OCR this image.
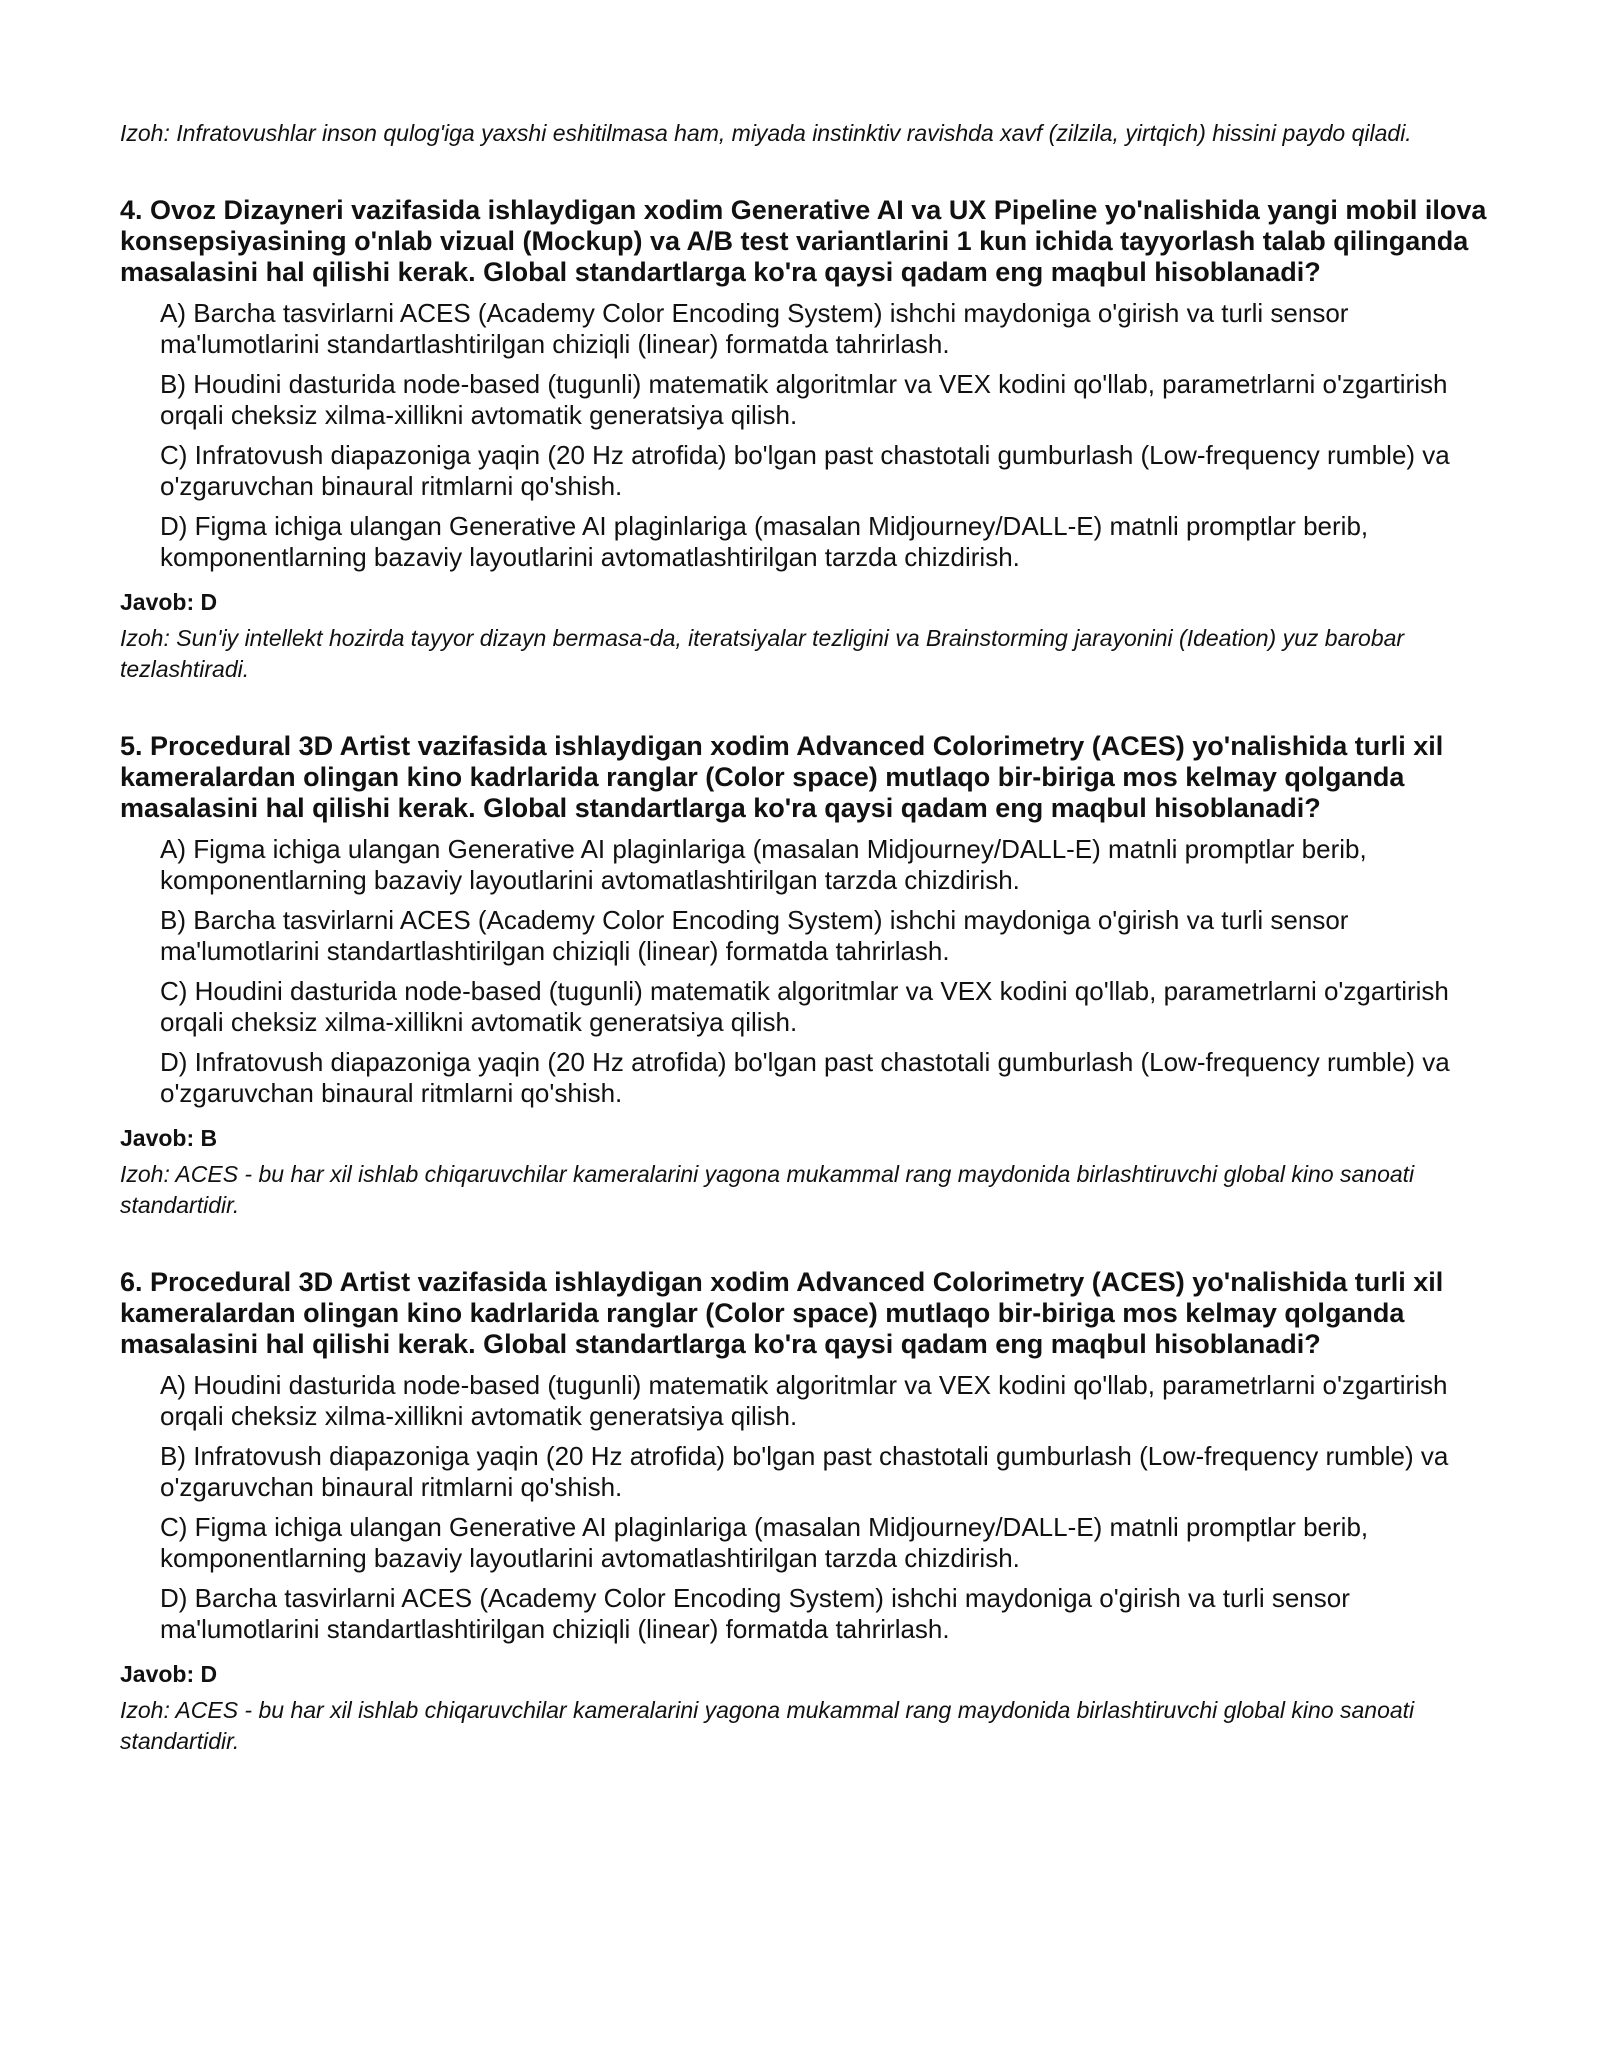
Izoh: Infratovushlar inson qulog'iga yaxshi eshitilmasa ham, miyada instinktiv ravishda xavf (zilzila, yirtqich) hissini paydo qiladi.

4. Ovoz Dizayneri vazifasida ishlaydigan xodim Generative AI va UX Pipeline yo'nalishida yangi mobil ilova konsepsiyasining o'nlab vizual (Mockup) va A/B test variantlarini 1 kun ichida tayyorlash talab qilinganda masalasini hal qilishi kerak. Global standartlarga ko'ra qaysi qadam eng maqbul hisoblanadi?

A) Barcha tasvirlarni ACES (Academy Color Encoding System) ishchi maydoniga o'girish va turli sensor ma'lumotlarini standartlashtirilgan chiziqli (linear) formatda tahrirlash.
B) Houdini dasturida node-based (tugunli) matematik algoritmlar va VEX kodini qo'llab, parametrlarni o'zgartirish orqali cheksiz xilma-xillikni avtomatik generatsiya qilish.
C) Infratovush diapazoniga yaqin (20 Hz atrofida) bo'lgan past chastotali gumburlash (Low-frequency rumble) va o'zgaruvchan binaural ritmlarni qo'shish.
D) Figma ichiga ulangan Generative AI plaginlariga (masalan Midjourney/DALL-E) matnli promptlar berib, komponentlarning bazaviy layoutlarini avtomatlashtirilgan tarzda chizdirish.

Javob: D

Izoh: Sun'iy intellekt hozirda tayyor dizayn bermasa-da, iteratsiyalar tezligini va Brainstorming jarayonini (Ideation) yuz barobar tezlashtiradi.

5. Procedural 3D Artist vazifasida ishlaydigan xodim Advanced Colorimetry (ACES) yo'nalishida turli xil kameralardan olingan kino kadrlarida ranglar (Color space) mutlaqo bir-biriga mos kelmay qolganda masalasini hal qilishi kerak. Global standartlarga ko'ra qaysi qadam eng maqbul hisoblanadi?

A) Figma ichiga ulangan Generative AI plaginlariga (masalan Midjourney/DALL-E) matnli promptlar berib, komponentlarning bazaviy layoutlarini avtomatlashtirilgan tarzda chizdirish.
B) Barcha tasvirlarni ACES (Academy Color Encoding System) ishchi maydoniga o'girish va turli sensor ma'lumotlarini standartlashtirilgan chiziqli (linear) formatda tahrirlash.
C) Houdini dasturida node-based (tugunli) matematik algoritmlar va VEX kodini qo'llab, parametrlarni o'zgartirish orqali cheksiz xilma-xillikni avtomatik generatsiya qilish.
D) Infratovush diapazoniga yaqin (20 Hz atrofida) bo'lgan past chastotali gumburlash (Low-frequency rumble) va o'zgaruvchan binaural ritmlarni qo'shish.

Javob: B

Izoh: ACES - bu har xil ishlab chiqaruvchilar kameralarini yagona mukammal rang maydonida birlashtiruvchi global kino sanoati standartidir.

6. Procedural 3D Artist vazifasida ishlaydigan xodim Advanced Colorimetry (ACES) yo'nalishida turli xil kameralardan olingan kino kadrlarida ranglar (Color space) mutlaqo bir-biriga mos kelmay qolganda masalasini hal qilishi kerak. Global standartlarga ko'ra qaysi qadam eng maqbul hisoblanadi?

A) Houdini dasturida node-based (tugunli) matematik algoritmlar va VEX kodini qo'llab, parametrlarni o'zgartirish orqali cheksiz xilma-xillikni avtomatik generatsiya qilish.
B) Infratovush diapazoniga yaqin (20 Hz atrofida) bo'lgan past chastotali gumburlash (Low-frequency rumble) va o'zgaruvchan binaural ritmlarni qo'shish.
C) Figma ichiga ulangan Generative AI plaginlariga (masalan Midjourney/DALL-E) matnli promptlar berib, komponentlarning bazaviy layoutlarini avtomatlashtirilgan tarzda chizdirish.
D) Barcha tasvirlarni ACES (Academy Color Encoding System) ishchi maydoniga o'girish va turli sensor ma'lumotlarini standartlashtirilgan chiziqli (linear) formatda tahrirlash.

Javob: D

Izoh: ACES - bu har xil ishlab chiqaruvchilar kameralarini yagona mukammal rang maydonida birlashtiruvchi global kino sanoati standartidir.
